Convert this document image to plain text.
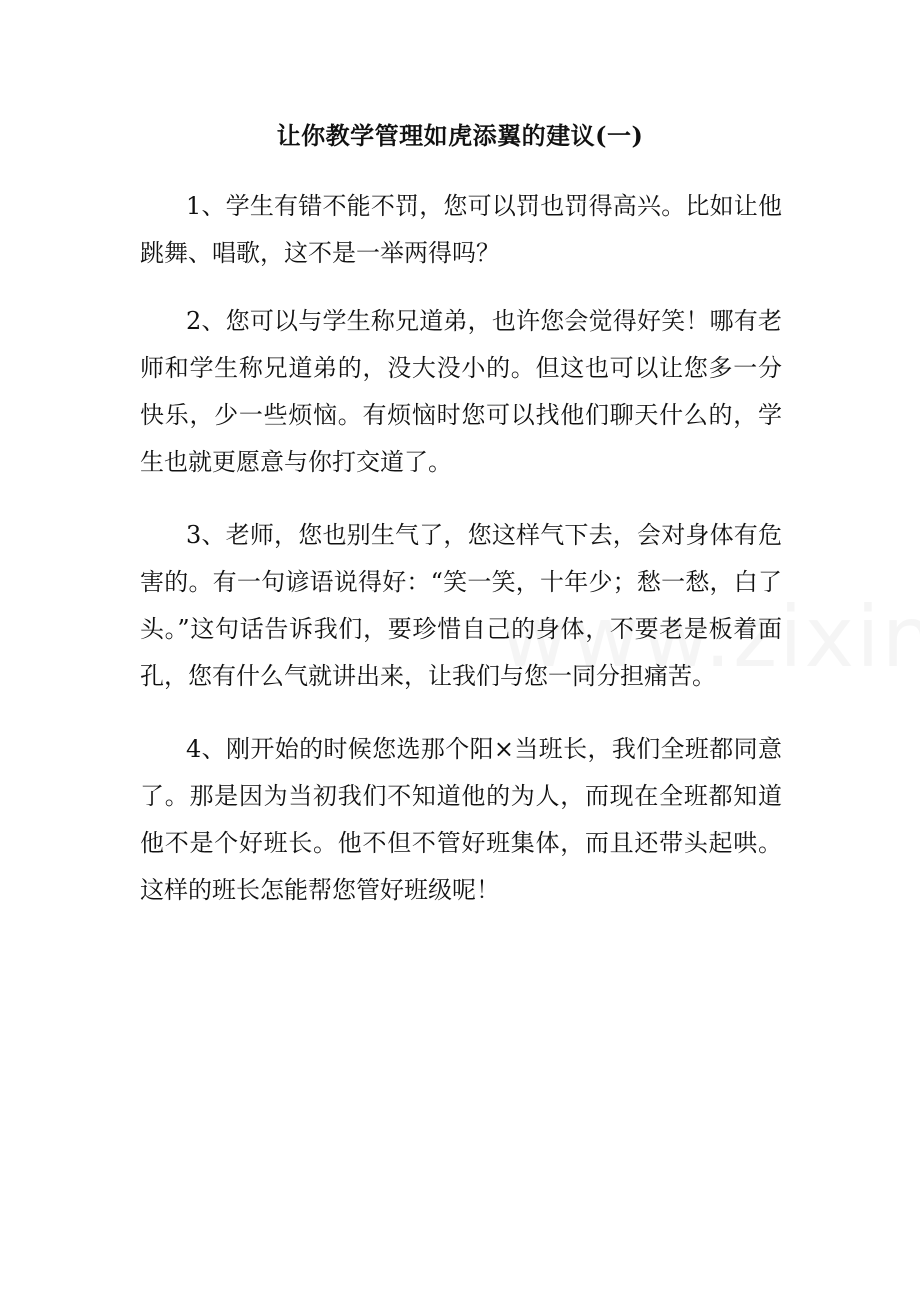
让你教学管理如虎添翼的建议(一)

1、学生有错不能不罚，您可以罚也罚得高兴。比如让他跳舞、唱歌，这不是一举两得吗？

2、您可以与学生称兄道弟，也许您会觉得好笑！哪有老师和学生称兄道弟的，没大没小的。但这也可以让您多一分快乐，少一些烦恼。有烦恼时您可以找他们聊天什么的，学生也就更愿意与你打交道了。

3、老师，您也别生气了，您这样气下去，会对身体有危害的。有一句谚语说得好：“笑一笑，十年少；愁一愁，白了头。”这句话告诉我们，要珍惜自己的身体，不要老是板着面孔，您有什么气就讲出来，让我们与您一同分担痛苦。

4、刚开始的时候您选那个阳×当班长，我们全班都同意了。那是因为当初我们不知道他的为人，而现在全班都知道他不是个好班长。他不但不管好班集体，而且还带头起哄。这样的班长怎能帮您管好班级呢！
